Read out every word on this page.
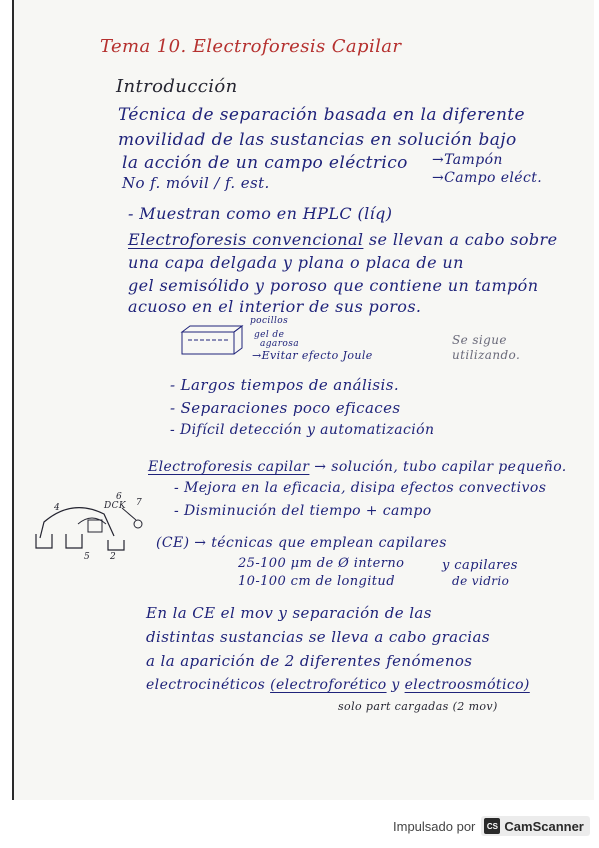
Tema 10. Electroforesis Capilar
Introducción
Técnica de separación basada en la diferente
movilidad de las sustancias en solución bajo
la acción de un campo eléctrico
No f. móvil / f. est.
→Tampón
→Campo eléct.
- Muestran como en HPLC (líq)
Electroforesis convencional se llevan a cabo sobre
una capa delgada y plana o placa de un
gel semisólido y poroso que contiene un tampón
acuoso en el interior de sus poros.
pocillos
gel de
agarosa
→Evitar efecto Joule
Se sigue
utilizando.
- Largos tiempos de análisis.
- Separaciones poco eficaces
- Difícil detección y automatización
Electroforesis capilar → solución, tubo capilar pequeño.
- Mejora en la eficacia, disipa efectos convectivos
- Disminución del tiempo + campo
6
DCK 7
4
5 2
(CE) → técnicas que emplean capilares
25-100 μm de Ø interno
10-100 cm de longitud
y capilares
de vidrio
En la CE el mov y separación de las
distintas sustancias se lleva a cabo gracias
a la aparición de 2 diferentes fenómenos
electrocinéticos (electroforético y electroosmótico)
solo part cargadas (2 mov)
Impulsado por	CS CamScanner
